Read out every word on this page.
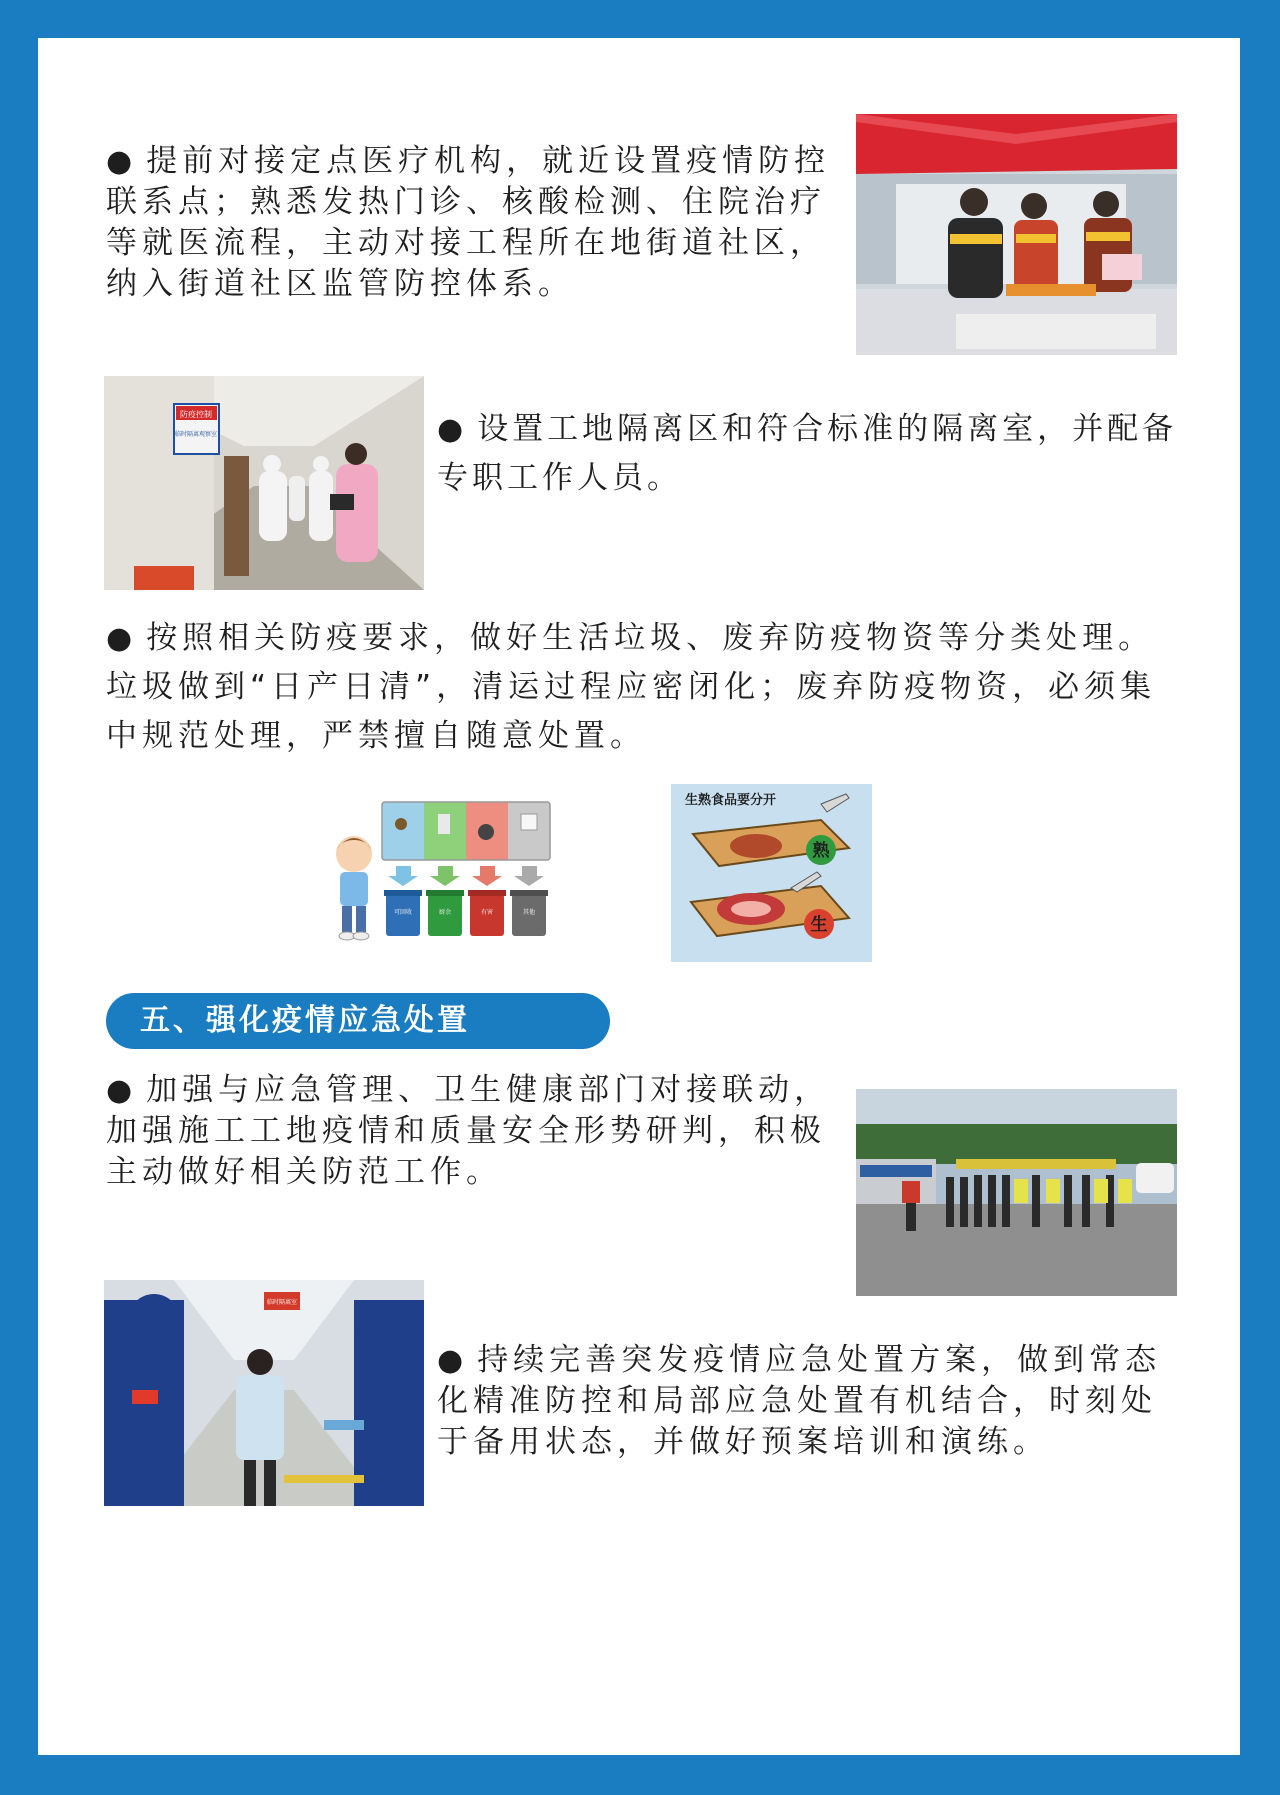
● 提前对接定点医疗机构，就近设置疫情防控联系点；熟悉发热门诊、核酸检测、住院治疗等就医流程，主动对接工程所在地街道社区，纳入街道社区监管防控体系。

防疫控制
临时隔离观察室	● 设置工地隔离区和符合标准的隔离室，并配备专职工作人员。

● 按照相关防疫要求，做好生活垃圾、废弃防疫物资等分类处理。垃圾做到“日产日清”，清运过程应密闭化；废弃防疫物资，必须集中规范处理，严禁擅自随意处置。

可回收	厨余	有害	其他
生熟食品要分开
熟
生
五、强化疫情应急处置

● 加强与应急管理、卫生健康部门对接联动，加强施工工地疫情和质量安全形势研判，积极主动做好相关防范工作。

临时隔离室

● 持续完善突发疫情应急处置方案，做到常态化精准防控和局部应急处置有机结合，时刻处于备用状态，并做好预案培训和演练。
